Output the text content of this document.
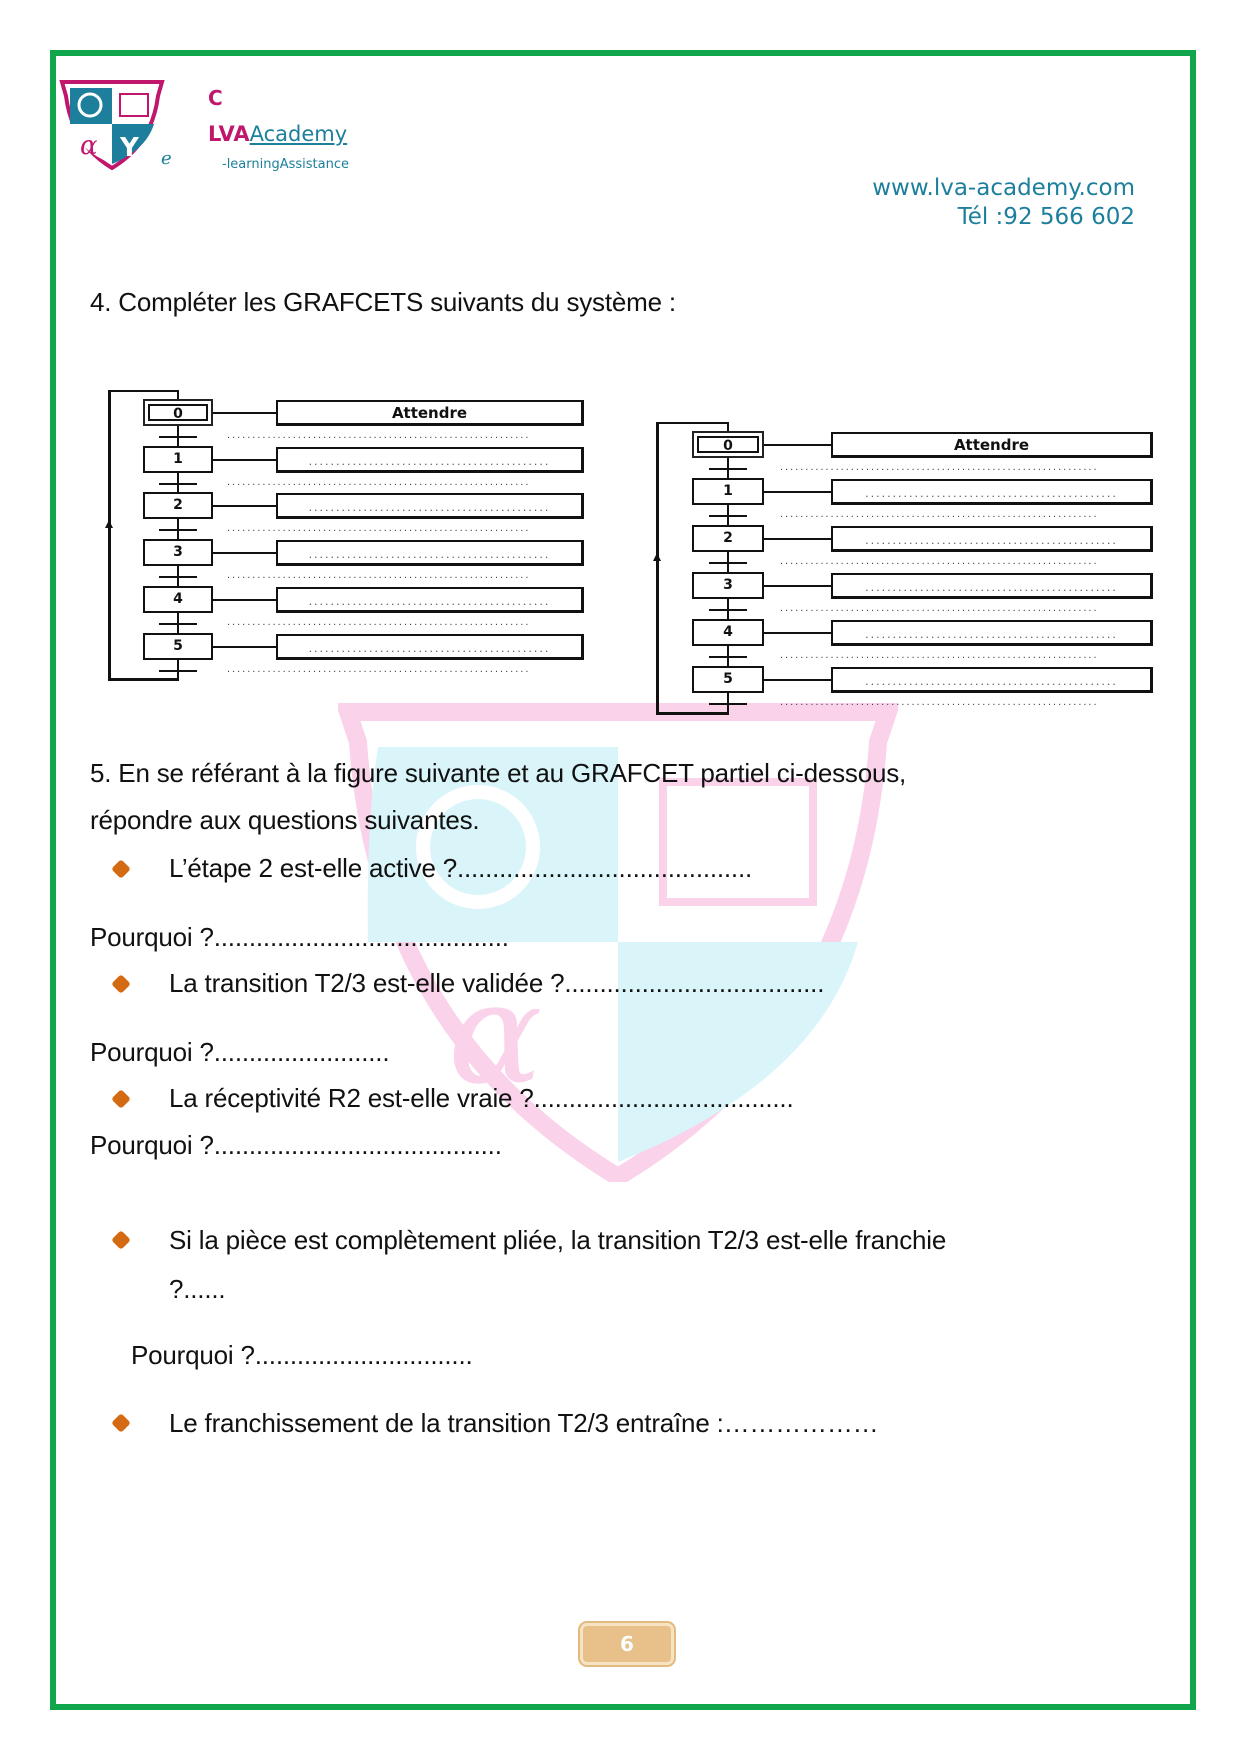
α
α Y
C
LVAAcademy
e	-learningAssistance
www.lva-academy.com
Tél :92 566 602
4. Compléter les GRAFCETS suivants du système :
0	Attendre
............................................................
1	............................................
............................................................
2	............................................
............................................................
3	............................................
............................................................
4	............................................
............................................................
5	............................................
............................................................
0	Attendre
...............................................................
1	..............................................
...............................................................
2	..............................................
...............................................................
3	..............................................
...............................................................
4	..............................................
...............................................................
5	..............................................
...............................................................
5. En se référant à la figure suivante et au GRAFCET partiel ci-dessous,
répondre aux questions suivantes.
L’étape 2 est-elle active ?..........................................
Pourquoi ?..........................................
La transition T2/3 est-elle validée ?.....................................
Pourquoi ?.........................
La réceptivité R2 est-elle vraie ?.....................................
Pourquoi ?.........................................
Si la pièce est complètement pliée, la transition T2/3 est-elle franchie
?......
Pourquoi ?...............................
Le franchissement de la transition T2/3 entraîne :………………
6
